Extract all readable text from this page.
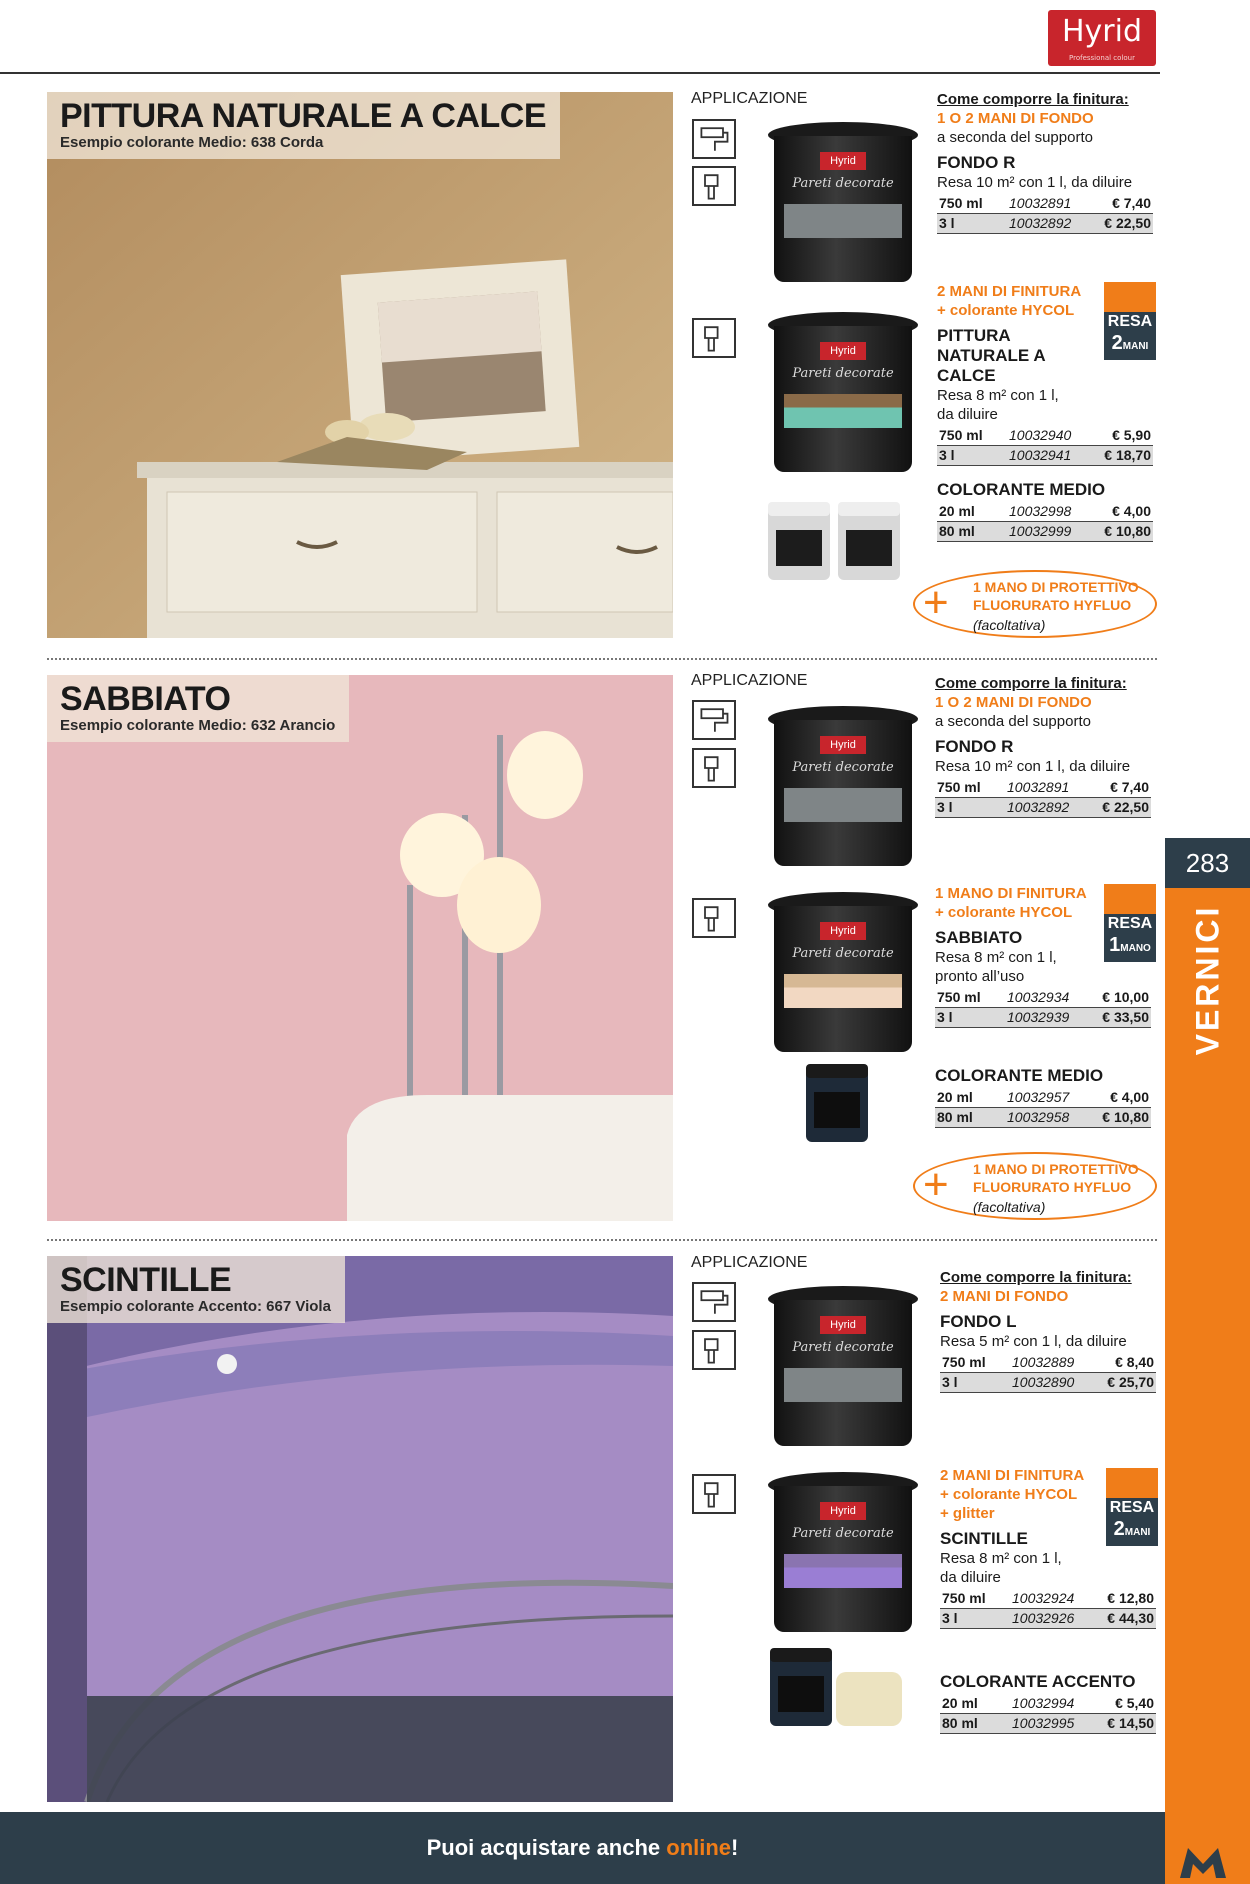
Hyrid
Professional colour
283
VERNICI
PITTURA NATURALE A CALCE
Esempio colorante Medio: 638 Corda
APPLICAZIONE
Hyrid
Pareti decorate
Hyrid
Pareti decorate
Come comporre la finitura:
1 O 2 MANI DI FONDO
a seconda del supporto
FONDO R
Resa 10 m² con 1 l, da diluire
750 ml	10032891	€ 7,40
3 l	10032892	€ 22,50
2 MANI DI FINITURA
+ colorante HYCOL
PITTURA NATURALE A CALCE
Resa 8 m² con 1 l,
da diluire
750 ml	10032940	€ 5,90
3 l	10032941	€ 18,70
RESA
2MANI
COLORANTE MEDIO
20 ml	10032998	€ 4,00
80 ml	10032999	€ 10,80
+ 1 MANO DI PROTETTIVO
FLUORURATO HYFLUO
(facoltativa)
SABBIATO
Esempio colorante Medio: 632 Arancio
APPLICAZIONE
Hyrid
Pareti decorate
Hyrid
Pareti decorate
Come comporre la finitura:
1 O 2 MANI DI FONDO
a seconda del supporto
FONDO R
Resa 10 m² con 1 l, da diluire
750 ml	10032891	€ 7,40
3 l	10032892	€ 22,50
1 MANO DI FINITURA
+ colorante HYCOL
SABBIATO
Resa 8 m² con 1 l,
pronto all’uso
750 ml	10032934	€ 10,00
3 l	10032939	€ 33,50
RESA
1MANO
COLORANTE MEDIO
20 ml	10032957	€ 4,00
80 ml	10032958	€ 10,80
+ 1 MANO DI PROTETTIVO
FLUORURATO HYFLUO
(facoltativa)
SCINTILLE
Esempio colorante Accento: 667 Viola
APPLICAZIONE
Hyrid
Pareti decorate
Hyrid
Pareti decorate
Come comporre la finitura:
2 MANI DI FONDO
FONDO L
Resa 5 m² con 1 l, da diluire
750 ml	10032889	€ 8,40
3 l	10032890	€ 25,70
2 MANI DI FINITURA
+ colorante HYCOL
+ glitter
SCINTILLE
Resa 8 m² con 1 l,
da diluire
750 ml	10032924	€ 12,80
3 l	10032926	€ 44,30
RESA
2MANI
COLORANTE ACCENTO
20 ml	10032994	€ 5,40
80 ml	10032995	€ 14,50
Puoi acquistare anche online!
